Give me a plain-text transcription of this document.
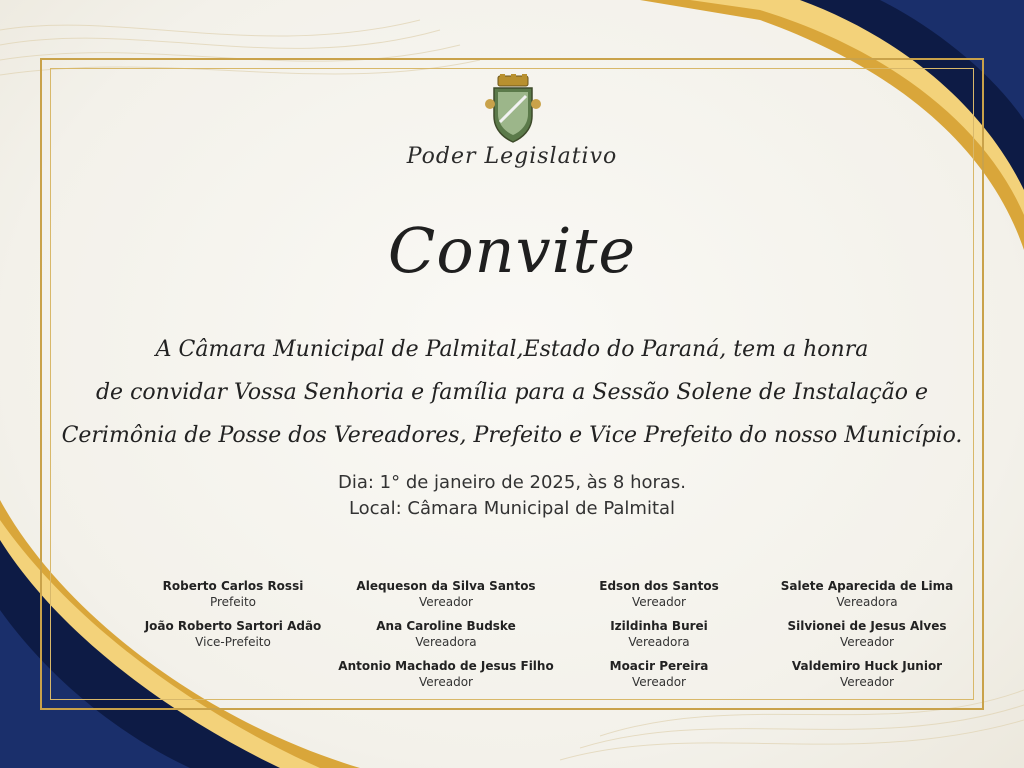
Poder Legislativo
Convite
A Câmara Municipal de Palmital,Estado do Paraná, tem a honra
de convidar Vossa Senhoria e família para a Sessão Solene de Instalação e
Cerimônia de Posse dos Vereadores, Prefeito e Vice Prefeito do nosso Município.
Dia: 1° de janeiro de 2025, às 8 horas.
Local: Câmara Municipal de Palmital
Roberto Carlos Rossi
Prefeito
João Roberto Sartori Adão
Vice-Prefeito
Alequeson da Silva Santos
Vereador
Ana Caroline Budske
Vereadora
Antonio Machado de Jesus Filho
Vereador
Edson dos Santos
Vereador
Izildinha Burei
Vereadora
Moacir Pereira
Vereador
Salete Aparecida de Lima
Vereadora
Silvionei de Jesus Alves
Vereador
Valdemiro Huck Junior
Vereador
